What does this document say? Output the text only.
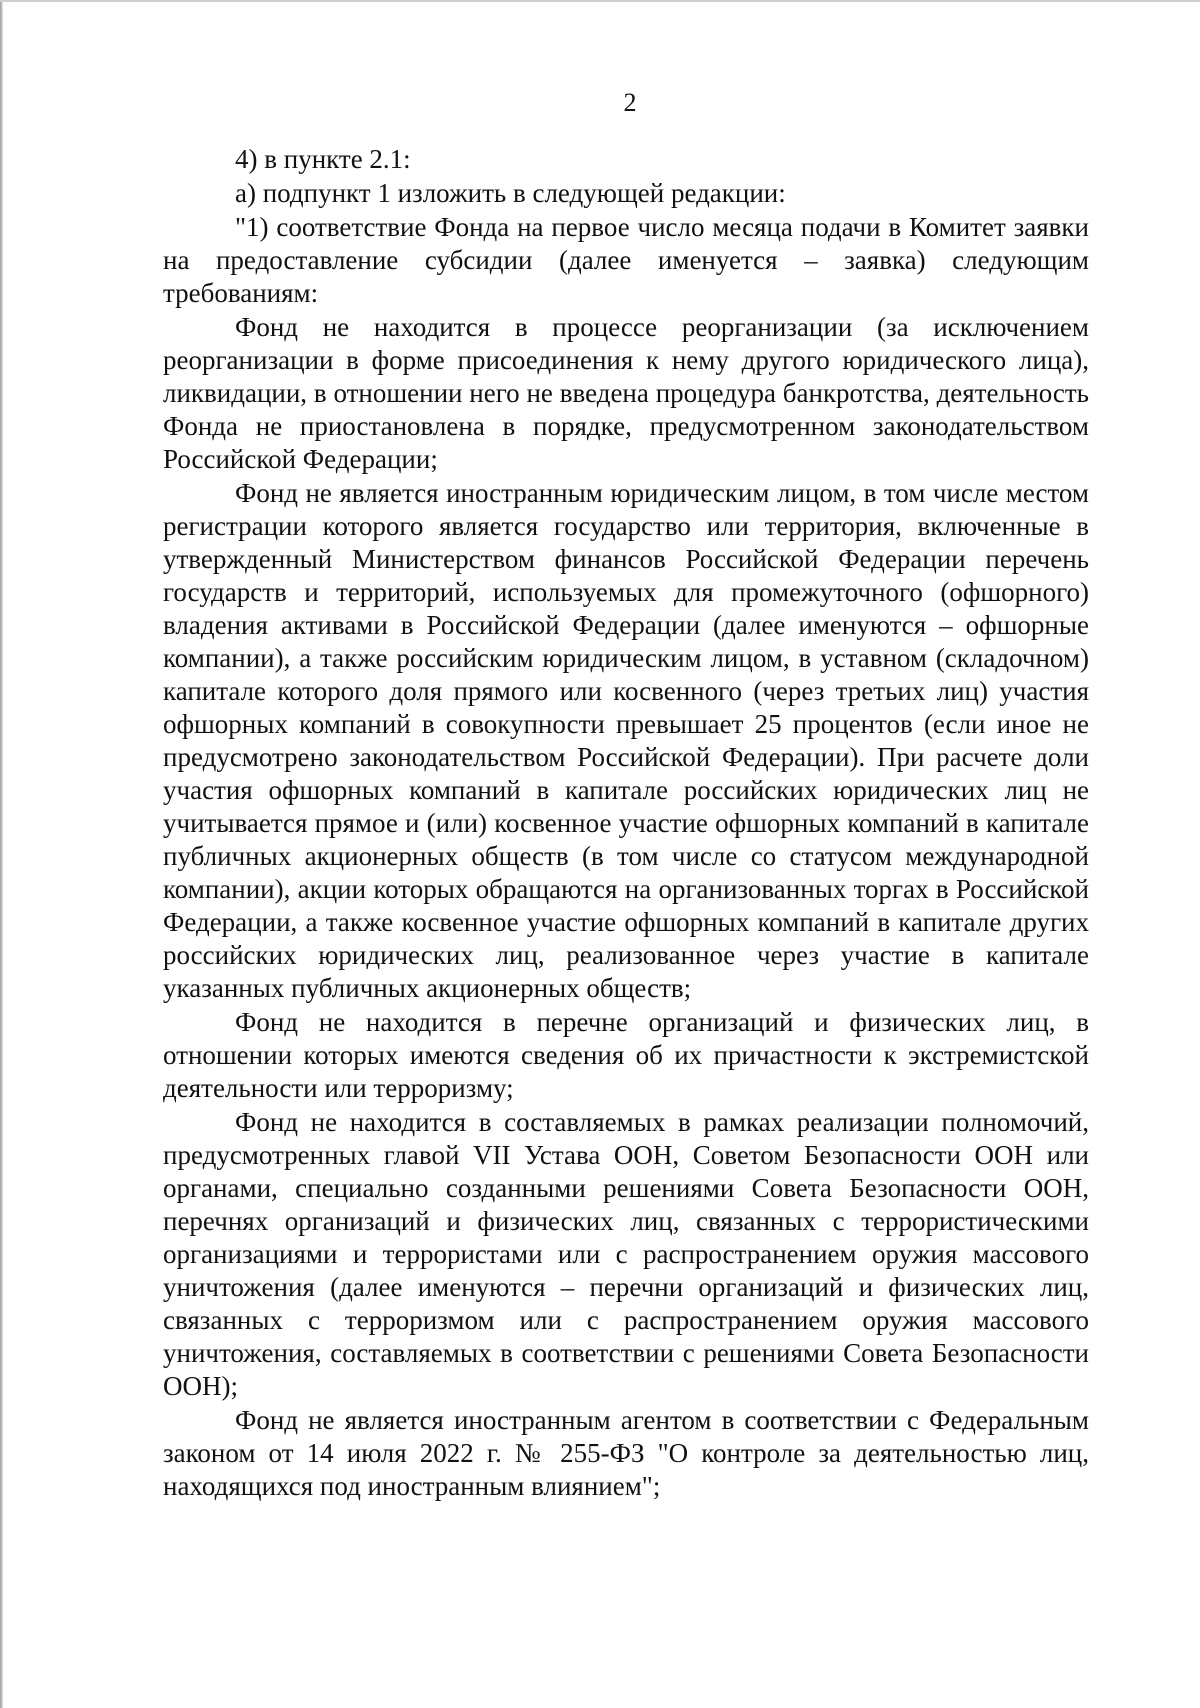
2

4) в пункте 2.1:

а) подпункт 1 изложить в следующей редакции:

"1) соответствие Фонда на первое число месяца подачи в Комитет заявки на предоставление субсидии (далее именуется – заявка) следующим требованиям:

Фонд не находится в процессе реорганизации (за исключением реорганизации в форме присоединения к нему другого юридического лица), ликвидации, в отношении него не введена процедура банкротства, деятельность Фонда не приостановлена в порядке, предусмотренном законодательством Российской Федерации;

Фонд не является иностранным юридическим лицом, в том числе местом регистрации которого является государство или территория, включенные в утвержденный Министерством финансов Российской Федерации перечень государств и территорий, используемых для промежуточного (офшорного) владения активами в Российской Федерации (далее именуются – офшорные компании), а также российским юридическим лицом, в уставном (складочном) капитале которого доля прямого или косвенного (через третьих лиц) участия офшорных компаний в совокупности превышает 25 процентов (если иное не предусмотрено законодательством Российской Федерации). При расчете доли участия офшорных компаний в капитале российских юридических лиц не учитывается прямое и (или) косвенное участие офшорных компаний в капитале публичных акционерных обществ (в том числе со статусом международной компании), акции которых обращаются на организованных торгах в Российской Федерации, а также косвенное участие офшорных компаний в капитале других российских юридических лиц, реализованное через участие в капитале указанных публичных акционерных обществ;

Фонд не находится в перечне организаций и физических лиц, в отношении которых имеются сведения об их причастности к экстремистской деятельности или терроризму;

Фонд не находится в составляемых в рамках реализации полномочий, предусмотренных главой VII Устава ООН, Советом Безопасности ООН или органами, специально созданными решениями Совета Безопасности ООН, перечнях организаций и физических лиц, связанных с террористическими организациями и террористами или с распространением оружия массового уничтожения (далее именуются – перечни организаций и физических лиц, связанных с терроризмом или с распространением оружия массового уничтожения, составляемых в соответствии с решениями Совета Безопасности ООН);

Фонд не является иностранным агентом в соответствии с Федеральным законом от 14 июля 2022 г. № 255-ФЗ "О контроле за деятельностью лиц, находящихся под иностранным влиянием";
